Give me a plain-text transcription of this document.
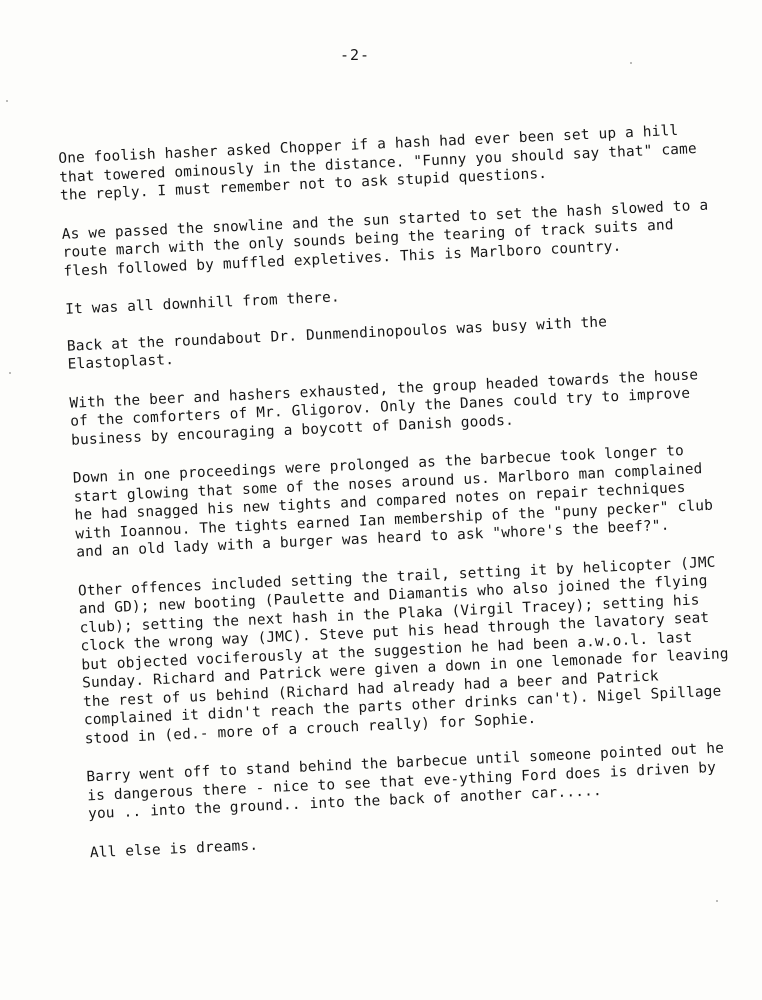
-2-

One foolish hasher asked Chopper if a hash had ever been set up a hill that towered ominously in the distance. "Funny you should say that" came the reply. I must remember not to ask stupid questions.

As we passed the snowline and the sun started to set the hash slowed to a route march with the only sounds being the tearing of track suits and flesh followed by muffled expletives. This is Marlboro country.

It was all downhill from there.

Back at the roundabout Dr. Dunmendinopoulos was busy with the Elastoplast.

With the beer and hashers exhausted, the group headed towards the house of the comforters of Mr. Gligorov. Only the Danes could try to improve business by encouraging a boycott of Danish goods.

Down in one proceedings were prolonged as the barbecue took longer to start glowing that some of the noses around us. Marlboro man complained he had snagged his new tights and compared notes on repair techniques with Ioannou. The tights earned Ian membership of the "puny pecker" club and an old lady with a burger was heard to ask "whore's the beef?".

Other offences included setting the trail, setting it by helicopter (JMC and GD); new booting (Paulette and Diamantis who also joined the flying club); setting the next hash in the Plaka (Virgil Tracey); setting his clock the wrong way (JMC). Steve put his head through the lavatory seat but objected vociferously at the suggestion he had been a.w.o.l. last Sunday. Richard and Patrick were given a down in one lemonade for leaving the rest of us behind (Richard had already had a beer and Patrick complained it didn't reach the parts other drinks can't). Nigel Spillage stood in (ed.- more of a crouch really) for Sophie.

Barry went off to stand behind the barbecue until someone pointed out he is dangerous there - nice to see that eve-ything Ford does is driven by you .. into the ground.. into the back of another car.....

All else is dreams.
